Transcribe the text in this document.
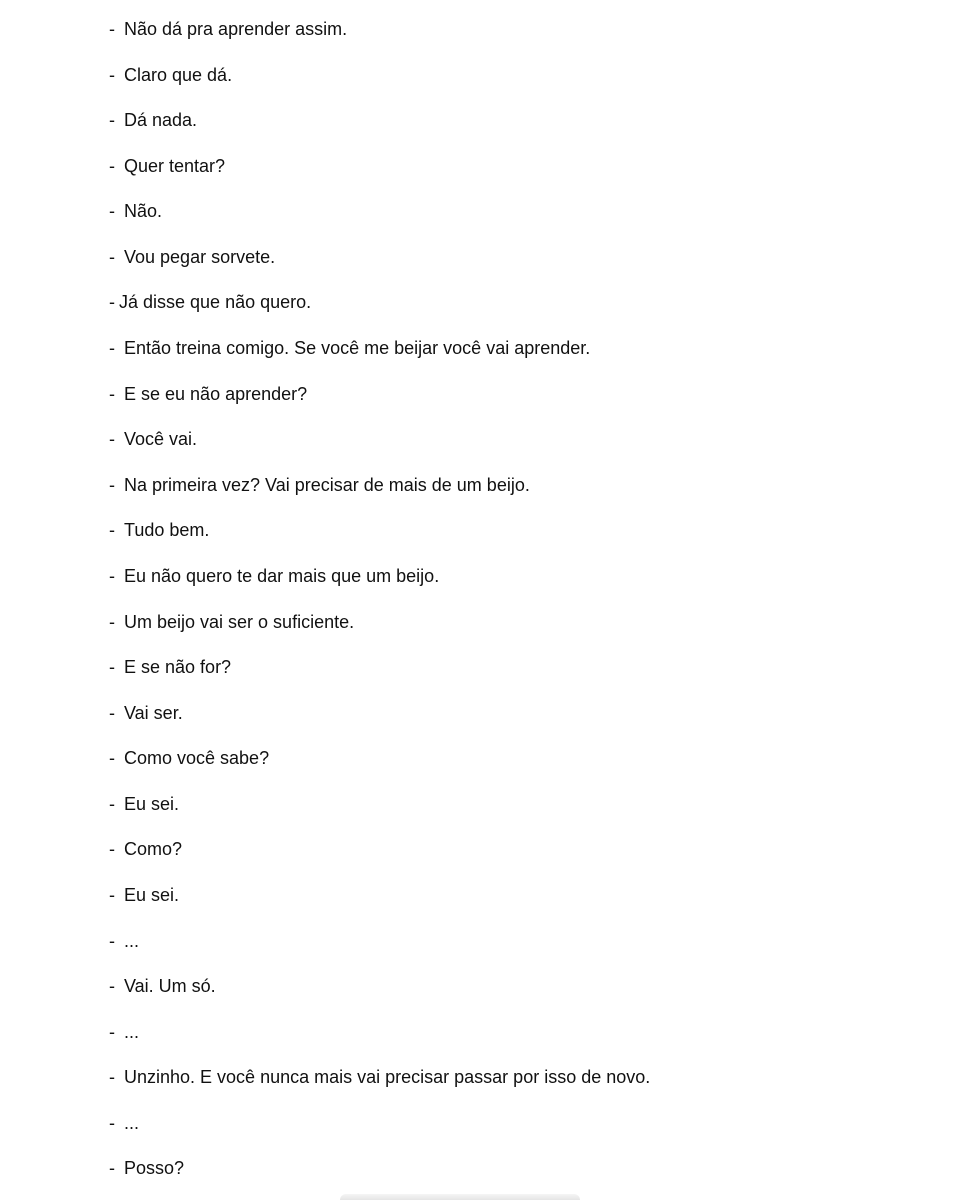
- Não dá pra aprender assim.
- Claro que dá.
- Dá nada.
- Quer tentar?
- Não.
- Vou pegar sorvete.
- Já disse que não quero.
- Então treina comigo. Se você me beijar você vai aprender.
- E se eu não aprender?
- Você vai.
- Na primeira vez? Vai precisar de mais de um beijo.
- Tudo bem.
- Eu não quero te dar mais que um beijo.
- Um beijo vai ser o suficiente.
- E se não for?
- Vai ser.
- Como você sabe?
- Eu sei.
- Como?
- Eu sei.
- ...
- Vai. Um só.
- ...
- Unzinho. E você nunca mais vai precisar passar por isso de novo.
- ...
- Posso?
